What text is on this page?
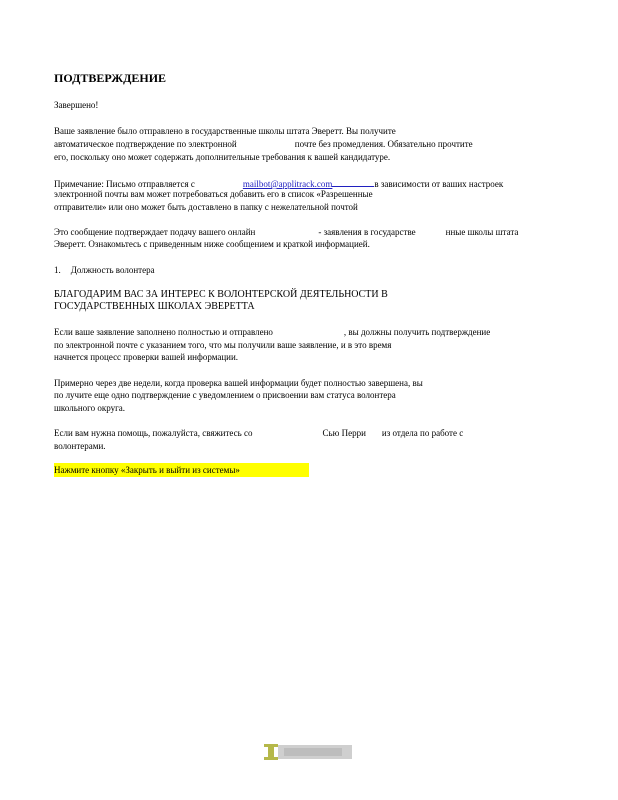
ПОДТВЕРЖДЕНИЕ
Завершено!
Ваше заявление было отправлено в государственные школы штата Эверетт. Вы получите
автоматическое подтверждение по электронной	почте без промедления. Обязательно прочтите
его, поскольку оно может содержать дополнительные требования к вашей кандидатуре.
Примечание: Письмо отправляется с	mailbot@applitrack.com	в зависимости от ваших настроек
электронной почты вам может потребоваться добавить его в список «Разрешенные
отправители» или оно может быть доставлено в папку с нежелательной почтой
Это сообщение подтверждает подачу вашего онлайн	- заявления в государстве	нные школы штата
Эверетт. Ознакомьтесь с приведенным ниже сообщением и краткой информацией.
1. Должность волонтера
БЛАГОДАРИМ ВАС ЗА ИНТЕРЕС К ВОЛОНТЕРСКОЙ ДЕЯТЕЛЬНОСТИ В
ГОСУДАРСТВЕННЫХ ШКОЛАХ ЭВЕРЕТТА
Если ваше заявление заполнено полностью и отправлено	, вы должны получить подтверждение
по электронной почте с указанием того, что мы получили ваше заявление, и в это время
начнется процесс проверки вашей информации.
Примерно через две недели, когда проверка вашей информации будет полностью завершена, вы
по лучите еще одно подтверждение с уведомлением о присвоении вам статуса волонтера
школьного округа.
Если вам нужна помощь, пожалуйста, свяжитесь со	Сью Перри из отдела по работе с
волонтерами.
Нажмите кнопку «Закрыть и выйти из системы»
